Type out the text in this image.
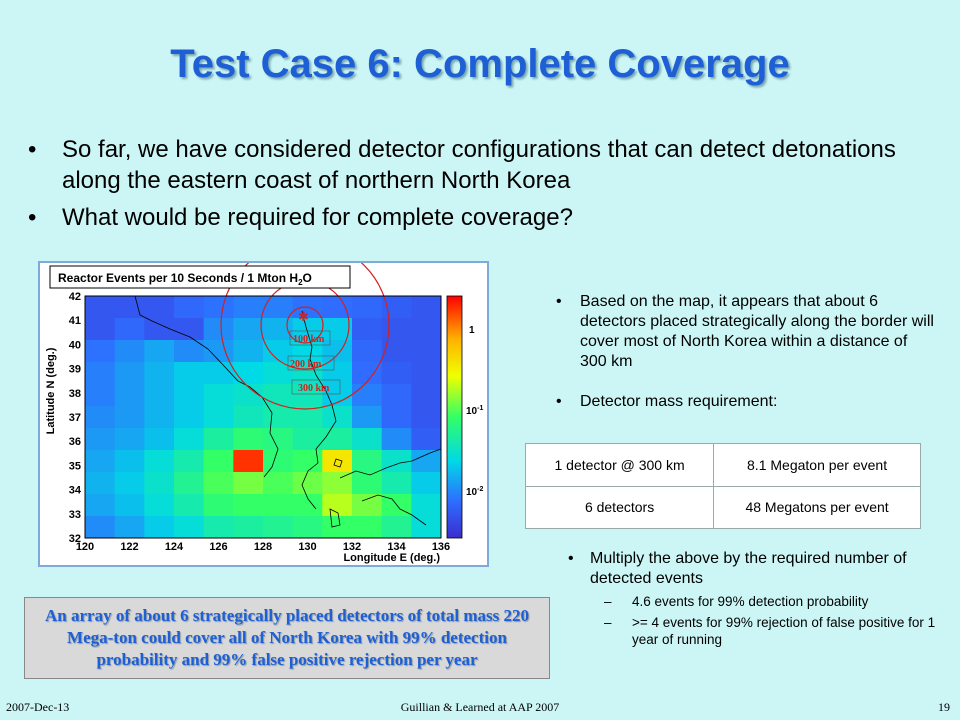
Test Case 6: Complete Coverage
• So far, we have considered detector configurations that can detect detonations along the eastern coast of northern North Korea
• What would be required for complete coverage?
✱
100 km
200 km
300 km
Reactor Events per 10 Seconds / 1 Mton $H_2O$
1
$10^{-1}$
$10^{-2}$
120 122 124 126 128 130 132 134 136
32
33
34
35
36
37
38
39
40
41
42
Longitude E (deg.)
Latitude N (deg.)
• Based on the map, it appears that about 6 detectors placed strategically along the border will cover most of North Korea within a distance of 300 km
• Detector mass requirement:
1 detector @ 300 km	8.1 Megaton per event
6 detectors	48 Megatons per event
• Multiply the above by the required number of detected events
– 4.6 events for 99% detection probability
– >= 4 events for 99% rejection of false positive for 1 year of running
An array of about 6 strategically placed detectors of total mass 220 Mega-ton could cover all of North Korea with 99% detection probability and 99% false positive rejection per year
2007-Dec-13	Guillian & Learned at AAP 2007	19
